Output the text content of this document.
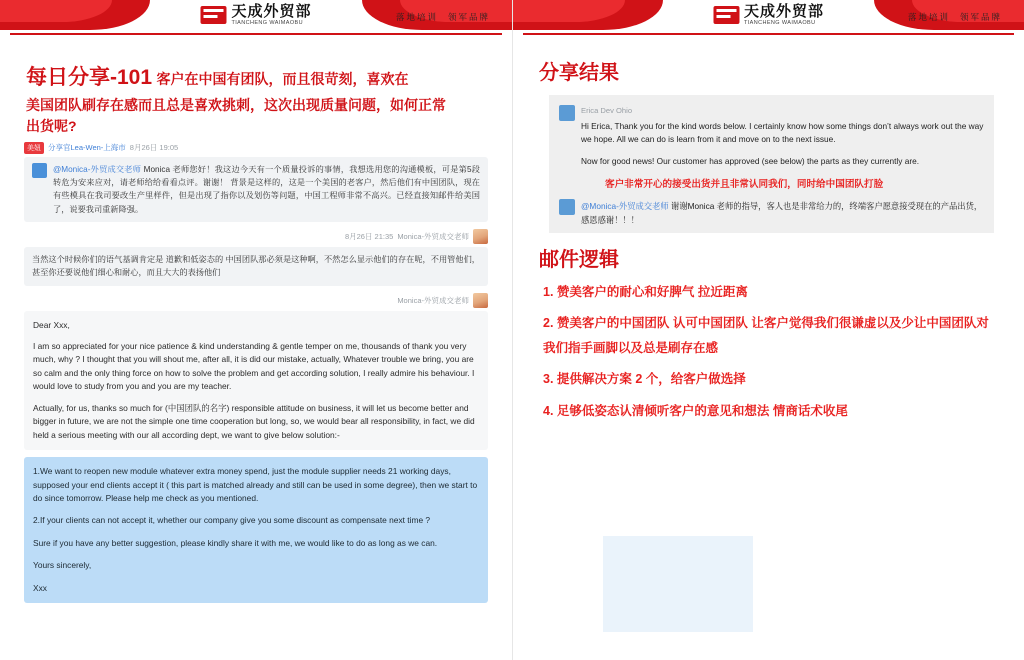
天成外贸部
TIANCHENG WAIMAOBU
落地培训 领军品牌
每日分享-101 客户在中国有团队，而且很苛刻，喜欢在
美国团队刷存在感而且总是喜欢挑刺，这次出现质量问题，如何正常
出货呢?
美妞 分享官Lea-Wen-上海市 8月26日 19:05
@Monica-外贸成交老师 Monica 老师您好！我这边今天有一个质量投诉的事情，我想选用您的沟通模板，可是第5段 转危为安来应对，请老师给给看看点评。谢谢！ 背景是这样的，这是一个美国的老客户，然后他们有中国团队，现在有些模具在我司要改生产里样件，但是出现了指你以及划伤等问题，中国工程师非常不高兴。已经直接知邮件给美国了，说要我司重新降强。
8月26日 21:35 Monica-外贸成交老师
当然这个时候你们的语气基调肯定是 道歉和低姿态的 中国团队那必须是这种啊，不然怎么显示他们的存在呢，不用管他们，甚至你还要说他们细心和耐心，而且大大的表扬他们
Monica-外贸成交老师

Dear Xxx,

I am so appreciated for your nice patience & kind understanding & gentle temper on me, thousands of thank you very much, why ? I thought that you will shout me, after all, it is did our mistake, actually, Whatever trouble we bring, you are so calm and the only thing force on how to solve the problem and get according solution, I really admire his behaviour. I would love to study from you and you are my teacher.

Actually, for us, thanks so much for (中国团队的名字) responsible attitude on business, it will let us become better and bigger in future, we are not the simple one time cooperation but long, so, we would bear all responsibility, in fact, we did held a serious meeting with our all according dept, we want to give below solution:-

1.We want to reopen new module whatever extra money spend, just the module supplier needs 21 working days, supposed your end clients accept it ( this part is matched already and still can be used in some degree), then we start to do since tomorrow. Please help me check as you mentioned.

2.If your clients can not accept it, whether our company give you some discount as compensate next time ?

Sure if you have any better suggestion, please kindly share it with me, we would like to do as long as we can.

Yours sincerely,

Xxx

天成外贸部
TIANCHENG WAIMAOBU
落地培训 领军品牌
分享结果
Erica Dev Ohio

Hi Erica, Thank you for the kind words below. I certainly know how some things don’t always work out the way we hope. All we can do is learn from it and move on to the next issue.

Now for good news! Our customer has approved (see below) the parts as they currently are.

客户非常开心的接受出货并且非常认同我们，同时给中国团队打脸
@Monica-外贸成交老师 谢谢Monica 老师的指导，客人也是非常给力的，终端客户愿意接受现在的产品出货，感恩感谢！！！
邮件逻辑
1. 赞美客户的耐心和好脾气 拉近距离
2. 赞美客户的中国团队 认可中国团队 让客户觉得我们很谦虚以及少让中国团队对我们指手画脚以及总是刷存在感
3. 提供解决方案 2 个，给客户做选择
4. 足够低姿态认清倾听客户的意见和想法 情商话术收尾
